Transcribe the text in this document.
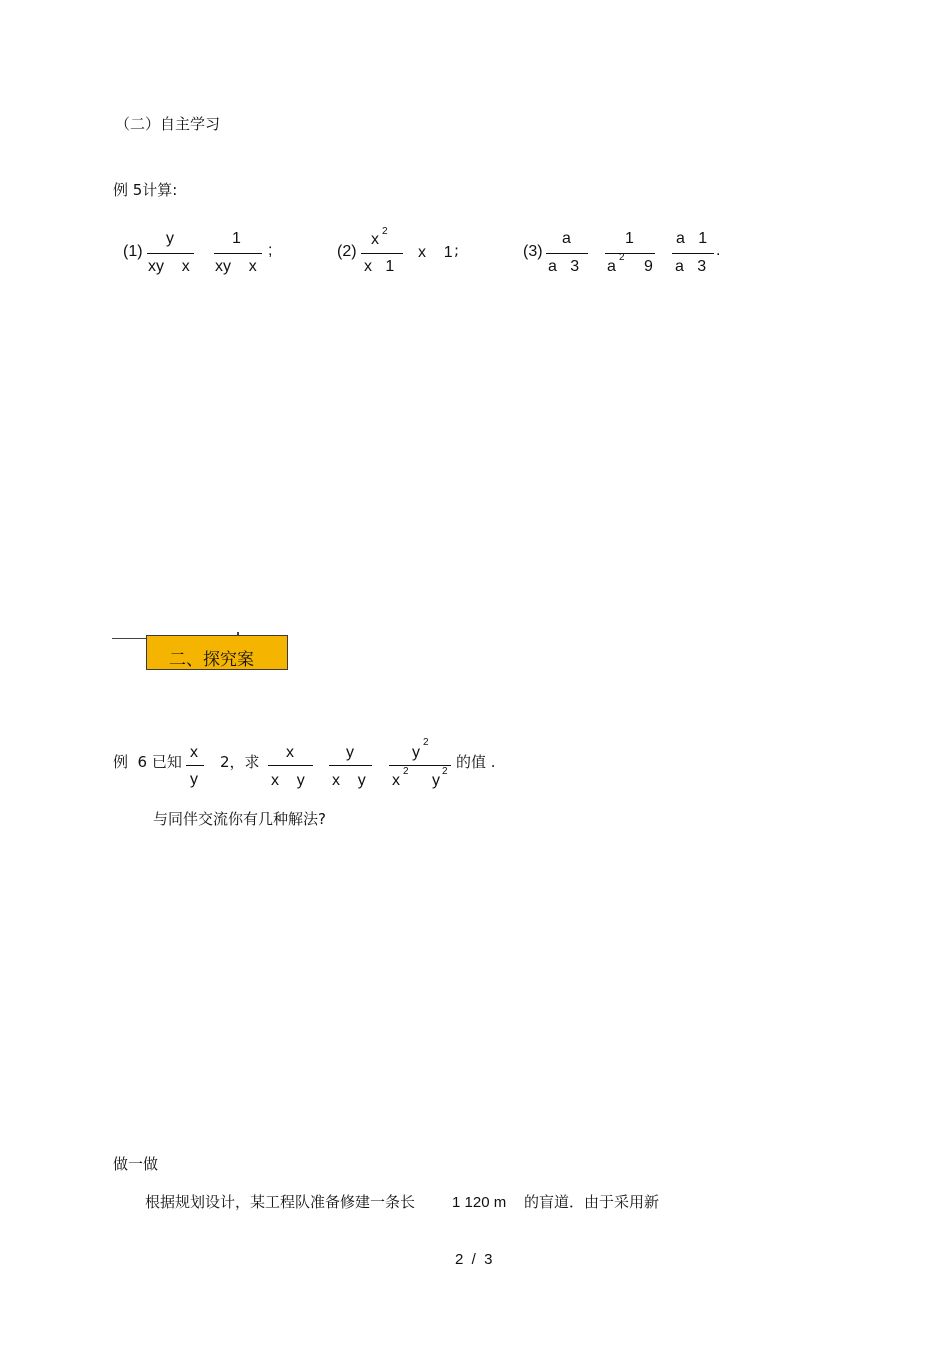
（二）自主学习
例 5计算:
(1)
y
xy    x
1
xy    x
;	(2)
x 2
x   1
x    1 ;	(3)
a
a   3
1
a
2
9
a   1
a   3
.
二、探究案
例  6 已知
x
y
2，求
x
x    y
y
x    y
y
2
x
2
y
2
的值 .
与同伴交流你有几种解法?
做一做
根据规划设计，某工程队准备修建一条长 1 120 m 的盲道．由于采用新
2  /  3
